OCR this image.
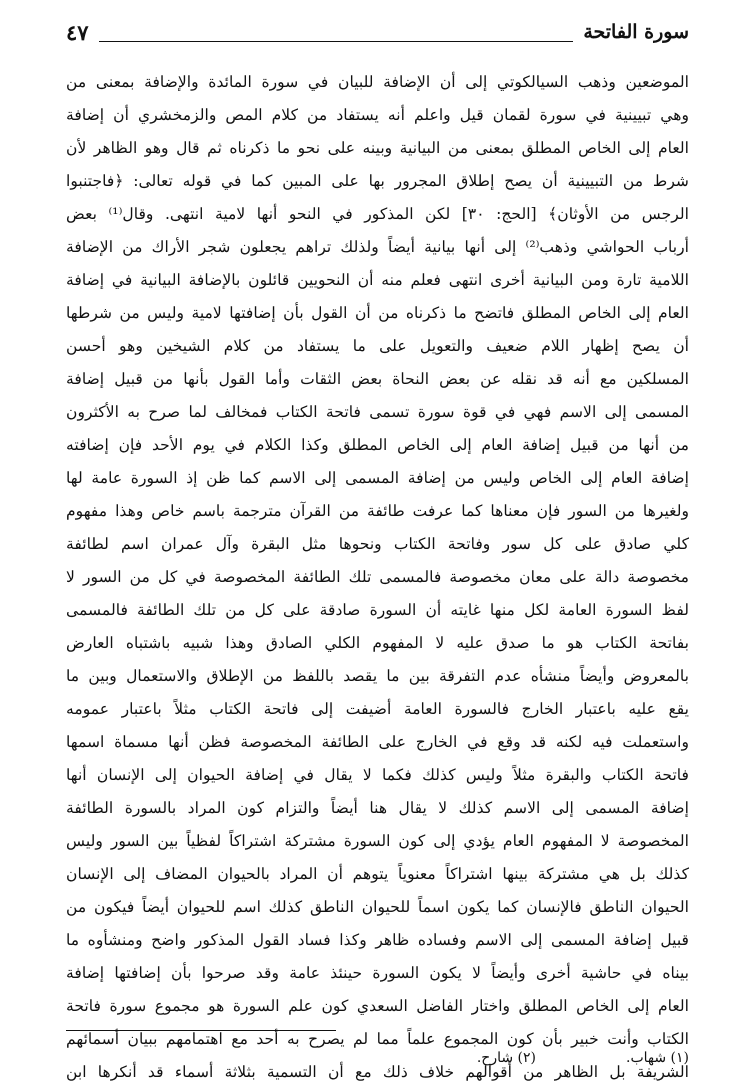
سورة الفاتحة
٤٧
الموضعين وذهب السيالكوتي إلى أن الإضافة للبيان في سورة المائدة والإضافة بمعنى من
وهي تبيينية في سورة لقمان قيل واعلم أنه يستفاد من كلام المص والزمخشري أن إضافة
العام إلى الخاص المطلق بمعنى من البيانية وبينه على نحو ما ذكرناه ثم قال وهو الظاهر لأن
شرط من التبيينية أن يصح إطلاق المجرور بها على المبين كما في قوله تعالى: ﴿فاجتنبوا
الرجس من الأوثان﴾ [الحج: ٣٠] لكن المذكور في النحو أنها لامية انتهى. وقال⁽¹⁾ بعض
أرباب الحواشي وذهب⁽²⁾ إلى أنها بيانية أيضاً ولذلك تراهم يجعلون شجر الأراك من الإضافة
اللامية تارة ومن البيانية أخرى انتهى فعلم منه أن النحويين قائلون بالإضافة البيانية في إضافة
العام إلى الخاص المطلق فاتضح ما ذكرناه من أن القول بأن إضافتها لامية وليس من شرطها
أن يصح إظهار اللام ضعيف والتعويل على ما يستفاد من كلام الشيخين وهو أحسن
المسلكين مع أنه قد نقله عن بعض النحاة بعض الثقات وأما القول بأنها من قبيل إضافة
المسمى إلى الاسم فهي في قوة سورة تسمى فاتحة الكتاب فمخالف لما صرح به الأكثرون
من أنها من قبيل إضافة العام إلى الخاص المطلق وكذا الكلام في يوم الأحد فإن إضافته
إضافة العام إلى الخاص وليس من إضافة المسمى إلى الاسم كما ظن إذ السورة عامة لها
ولغيرها من السور فإن معناها كما عرفت طائفة من القرآن مترجمة باسم خاص وهذا مفهوم
كلي صادق على كل سور وفاتحة الكتاب ونحوها مثل البقرة وآل عمران اسم لطائفة
مخصوصة دالة على معان مخصوصة فالمسمى تلك الطائفة المخصوصة في كل من السور لا
لفظ السورة العامة لكل منها غايته أن السورة صادقة على كل من تلك الطائفة فالمسمى
بفاتحة الكتاب هو ما صدق عليه لا المفهوم الكلي الصادق وهذا شبيه باشتباه العارض
بالمعروض وأيضاً منشأه عدم التفرقة بين ما يقصد باللفظ من الإطلاق والاستعمال وبين ما
يقع عليه باعتبار الخارج فالسورة العامة أضيفت إلى فاتحة الكتاب مثلاً باعتبار عمومه
واستعملت فيه لكنه قد وقع في الخارج على الطائفة المخصوصة فظن أنها مسماة اسمها
فاتحة الكتاب والبقرة مثلاً وليس كذلك فكما لا يقال في إضافة الحيوان إلى الإنسان أنها
إضافة المسمى إلى الاسم كذلك لا يقال هنا أيضاً والتزام كون المراد بالسورة الطائفة
المخصوصة لا المفهوم العام يؤدي إلى كون السورة مشتركة اشتراكاً لفظياً بين السور وليس
كذلك بل هي مشتركة بينها اشتراكاً معنوياً يتوهم أن المراد بالحيوان المضاف إلى الإنسان
الحيوان الناطق فالإنسان كما يكون اسماً للحيوان الناطق كذلك اسم للحيوان أيضاً فيكون من
قبيل إضافة المسمى إلى الاسم وفساده ظاهر وكذا فساد القول المذكور واضح ومنشأوه ما
بيناه في حاشية أخرى وأيضاً لا يكون السورة حينئذ عامة وقد صرحوا بأن إضافتها إضافة
العام إلى الخاص المطلق واختار الفاضل السعدي كون علم السورة هو مجموع سورة فاتحة
الكتاب وأنت خبير بأن كون المجموع علماً مما لم يصرح به أحد مع اهتمامهم ببيان أسمائهم
الشريفة بل الظاهر من أقوالهم خلاف ذلك مع أن التسمية بثلاثة أسماء قد أنكرها ابن
(١) شهاب.
(٢) شارح.
